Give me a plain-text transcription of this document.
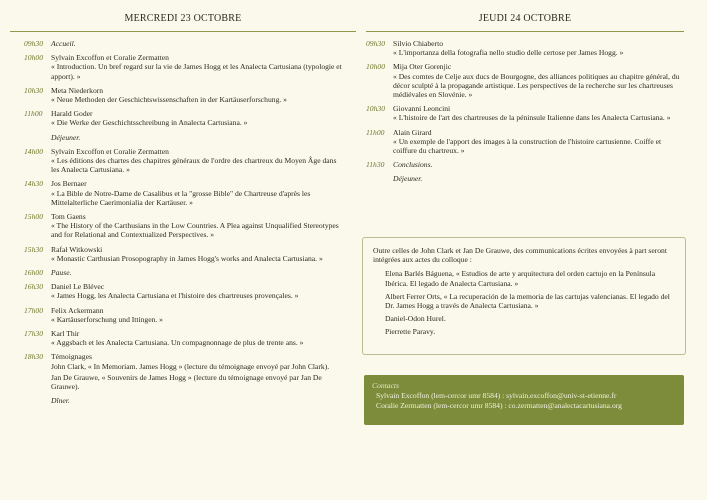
MERCREDI 23 OCTOBRE
09h30	Accueil.
10h00	Sylvain Excoffon et Coralie Zermatten
« Introduction. Un bref regard sur la vie de James Hogg et les Analecta Cartusiana (typologie et apport). »
10h30	Meta Niederkorn
« Neue Methoden der Geschichtswissenschaften in der Kartäuserforschung. »
11h00	Harald Goder
« Die Werke der Geschichtsschreibung in Analecta Cartusiana. »
Déjeuner.
14h00	Sylvain Excoffon et Coralie Zermatten
« Les éditions des chartes des chapitres généraux de l'ordre des chartreux du Moyen Âge dans les Analecta Cartusiana. »
14h30	Jos Bernaer
« La Bible de Notre-Dame de Casalibus et la "grosse Bible" de Chartreuse d'après les Mittelalterliche Caerimonialia der Kartäuser. »
15h00	Tom Gaens
« The History of the Carthusians in the Low Countries. A Plea against Unqualified Stereotypes and for Relational and Contextualized Perspectives. »
15h30	Rafał Witkowski
« Monastic Carthusian Prosopography in James Hogg's works and Analecta Cartusiana. »
16h00	Pause.
16h30	Daniel Le Blévec
« James Hogg, les Analecta Cartusiana et l'histoire des chartreuses provençales. »
17h00	Felix Ackermann
« Kartäuserforschung und Ittingen. »
17h30	Karl Thir
« Aggsbach et les Analecta Cartusiana. Un compagnonnage de plus de trente ans. »
18h30	Témoignages
John Clark, « In Memoriam. James Hogg » (lecture du témoignage envoyé par John Clark).
Jan De Grauwe, « Souvenirs de James Hogg » (lecture du témoignage envoyé par Jan De Grauwe).
Dîner.
JEUDI 24 OCTOBRE
09h30	Silvio Chiaberto
« L'importanza della fotografia nello studio delle certose per James Hogg. »
10h00	Mija Oter Gorenjic
« Des comtes de Celje aux ducs de Bourgogne, des alliances politiques au chapitre général, du décor sculpté à la propagande artistique. Les perspectives de la recherche sur les chartreuses médiévales en Slovénie. »
10h30	Giovanni Leoncini
« L'histoire de l'art des chartreuses de la péninsule Italienne dans les Analecta Cartusiana. »
11h00	Alain Girard
« Un exemple de l'apport des images à la construction de l'histoire cartusienne. Coiffe et coiffure du chartreux. »
11h30	Conclusions.
Déjeuner.
Outre celles de John Clark et Jan De Grauwe, des communications écrites envoyées à part seront intégrées aux actes du colloque :
Elena Barlés Báguena, « Estudios de arte y arquitectura del orden cartujo en la Península Ibérica. El legado de Analecta Cartusiana. »
Albert Ferrer Orts, « La recuperación de la memoria de las cartujas valencianas. El legado del Dr. James Hogg a través de Analecta Cartusiana. »
Daniel-Odon Hurel.
Pierrette Paravy.
Contacts
Sylvain Excoffon (lem-cercor umr 8584) : sylvain.excoffon@univ-st-etienne.fr
Coralie Zermatten (lem-cercor umr 8584) : co.zermatten@analectacartusiana.org
